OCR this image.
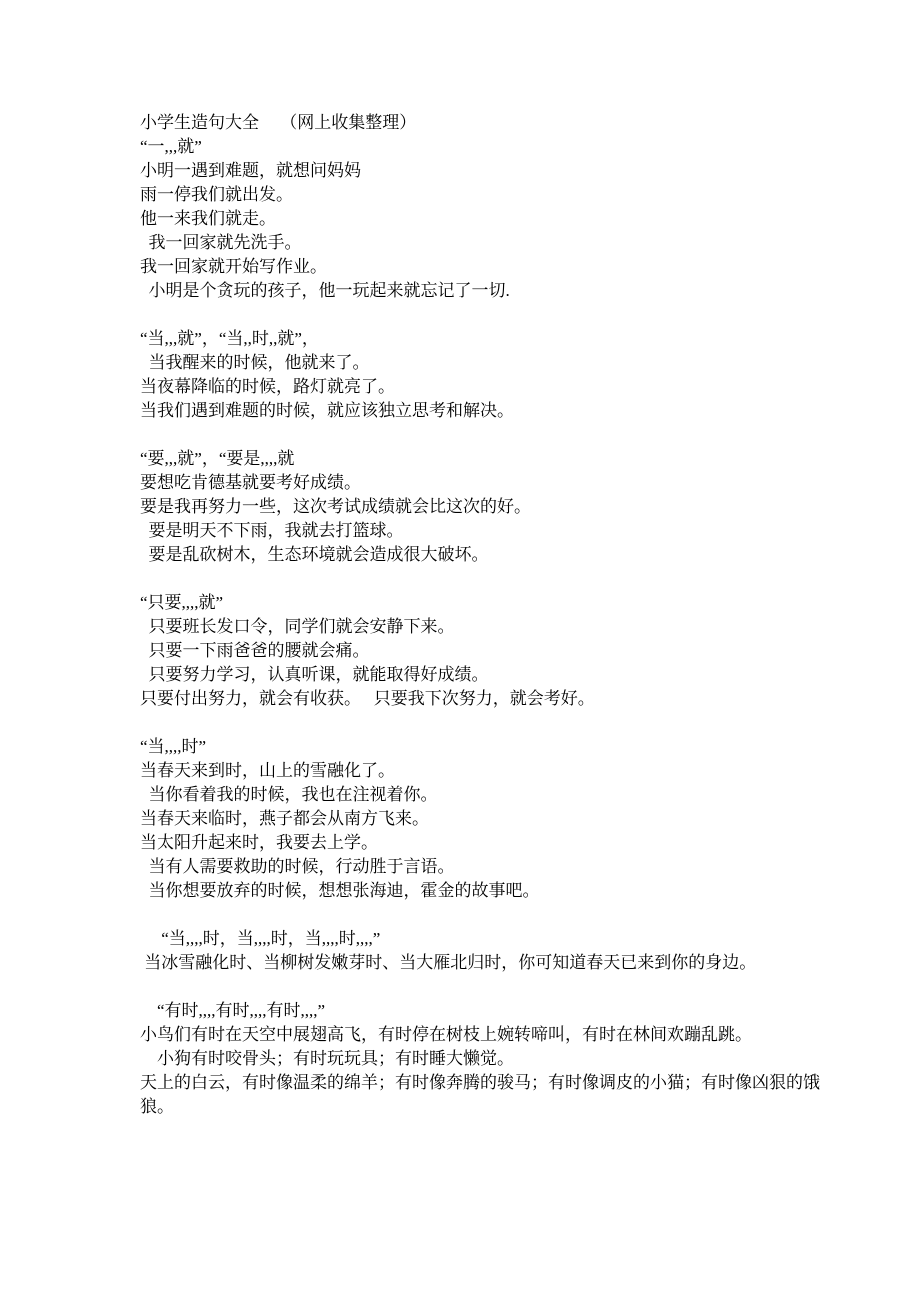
小学生造句大全　 （网上收集整理）
“一,,,就”
小明一遇到难题，就想问妈妈
雨一停我们就出发。
他一来我们就走。
我一回家就先洗手。
我一回家就开始写作业。
小明是个贪玩的孩子，他一玩起来就忘记了一切.
“当,,,就”，“当,,时,,就”，
当我醒来的时候，他就来了。
当夜幕降临的时候，路灯就亮了。
当我们遇到难题的时候，就应该独立思考和解决。
“要,,,就”，“要是,,,,就
要想吃肯德基就要考好成绩。
要是我再努力一些，这次考试成绩就会比这次的好。
要是明天不下雨，我就去打篮球。
要是乱砍树木，生态环境就会造成很大破坏。
“只要,,,,就”
只要班长发口令，同学们就会安静下来。
只要一下雨爸爸的腰就会痛。
只要努力学习，认真听课，就能取得好成绩。
只要付出努力，就会有收获。　 只要我下次努力，就会考好。
“当,,,,时”
当春天来到时，山上的雪融化了。
当你看着我的时候，我也在注视着你。
当春天来临时，燕子都会从南方飞来。
当太阳升起来时，我要去上学。
当有人需要救助的时候，行动胜于言语。
当你想要放弃的时候，想想张海迪，霍金的故事吧。
　 “当,,,,时，当,,,,时，当,,,,时,,,,”
当冰雪融化时、当柳树发嫩芽时、当大雁北归时，你可知道春天已来到你的身边。
　“有时,,,,有时,,,,有时,,,,”
小鸟们有时在天空中展翅高飞，有时停在树枝上婉转啼叫，有时在林间欢蹦乱跳。
　小狗有时咬骨头；有时玩玩具；有时睡大懒觉。
天上的白云，有时像温柔的绵羊；有时像奔腾的骏马；有时像调皮的小猫；有时像凶狠的饿
狼。
